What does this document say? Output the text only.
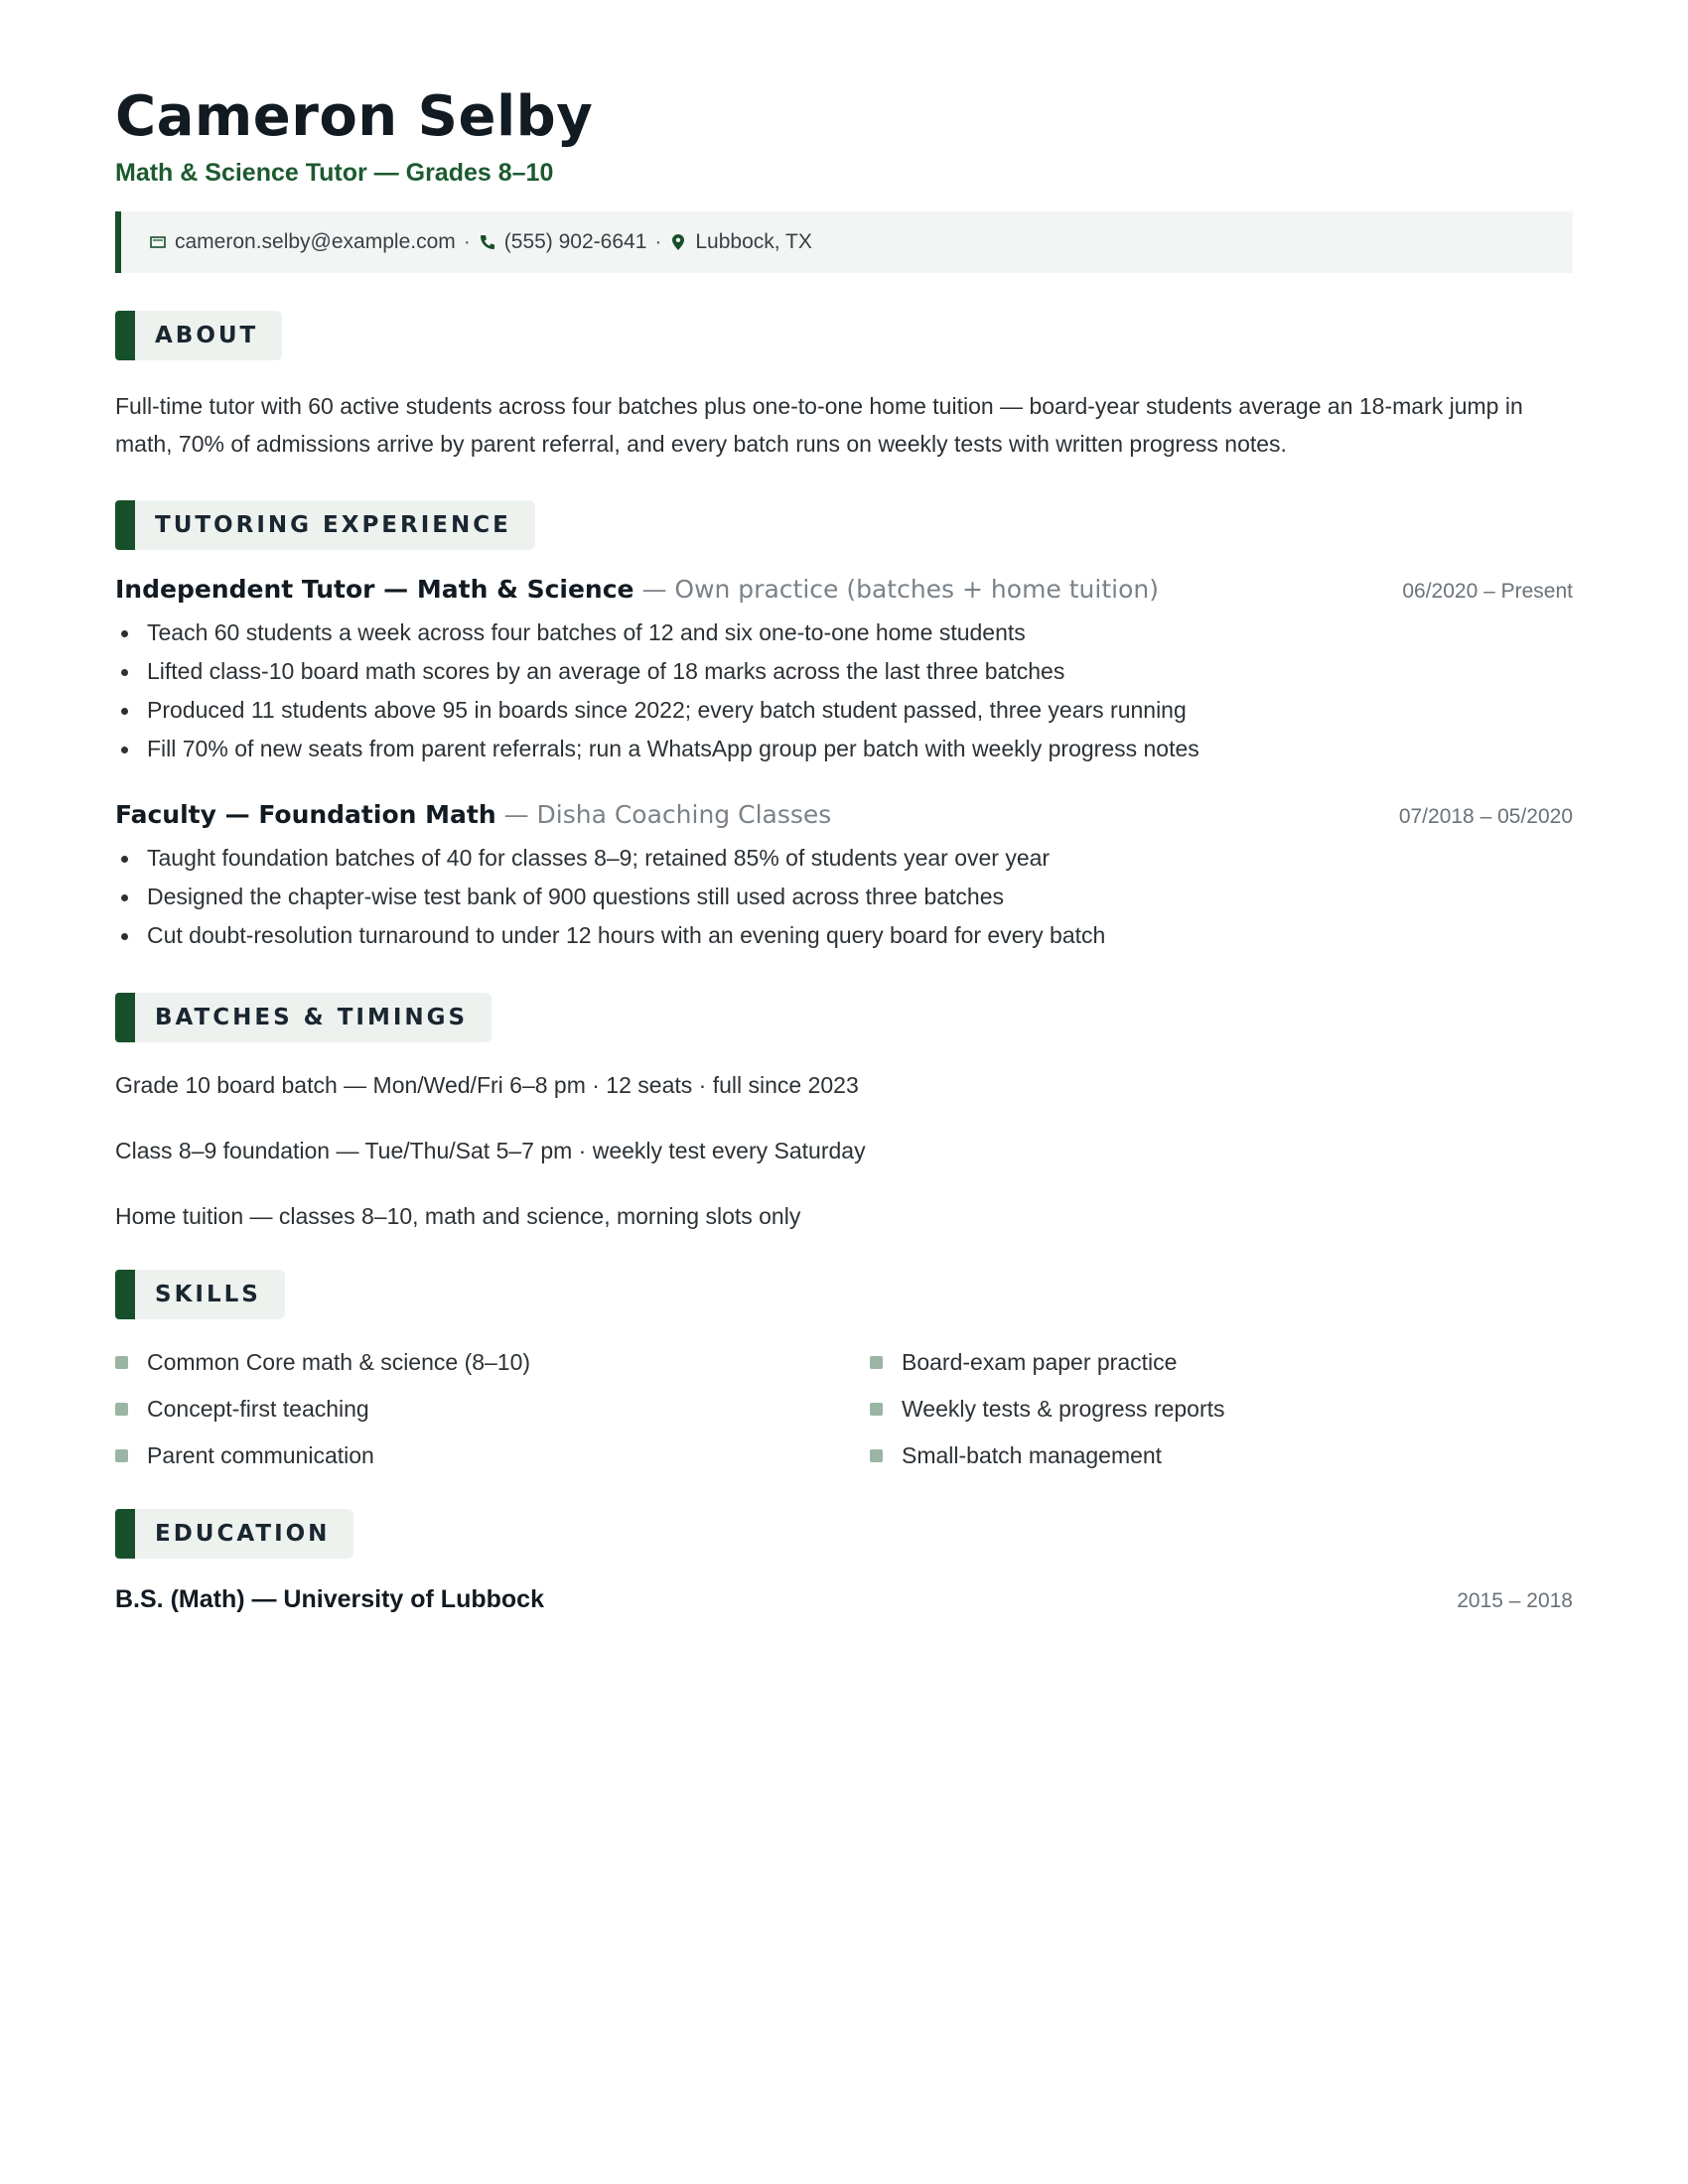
Cameron Selby
Math & Science Tutor — Grades 8–10
cameron.selby@example.com · (555) 902-6641 · Lubbock, TX
ABOUT

Full-time tutor with 60 active students across four batches plus one-to-one home tuition — board-year students average an 18-mark jump in math, 70% of admissions arrive by parent referral, and every batch runs on weekly tests with written progress notes.

TUTORING EXPERIENCE
Independent Tutor — Math & Science — Own practice (batches + home tuition)	06/2020 – Present
Teach 60 students a week across four batches of 12 and six one-to-one home students
Lifted class-10 board math scores by an average of 18 marks across the last three batches
Produced 11 students above 95 in boards since 2022; every batch student passed, three years running
Fill 70% of new seats from parent referrals; run a WhatsApp group per batch with weekly progress notes
Faculty — Foundation Math — Disha Coaching Classes	07/2018 – 05/2020
Taught foundation batches of 40 for classes 8–9; retained 85% of students year over year
Designed the chapter-wise test bank of 900 questions still used across three batches
Cut doubt-resolution turnaround to under 12 hours with an evening query board for every batch
BATCHES & TIMINGS
Grade 10 board batch — Mon/Wed/Fri 6–8 pm · 12 seats · full since 2023
Class 8–9 foundation — Tue/Thu/Sat 5–7 pm · weekly test every Saturday
Home tuition — classes 8–10, math and science, morning slots only
SKILLS
Common Core math & science (8–10)	Board-exam paper practice
Concept-first teaching	Weekly tests & progress reports
Parent communication	Small-batch management
EDUCATION
B.S. (Math) — University of Lubbock	2015 – 2018
